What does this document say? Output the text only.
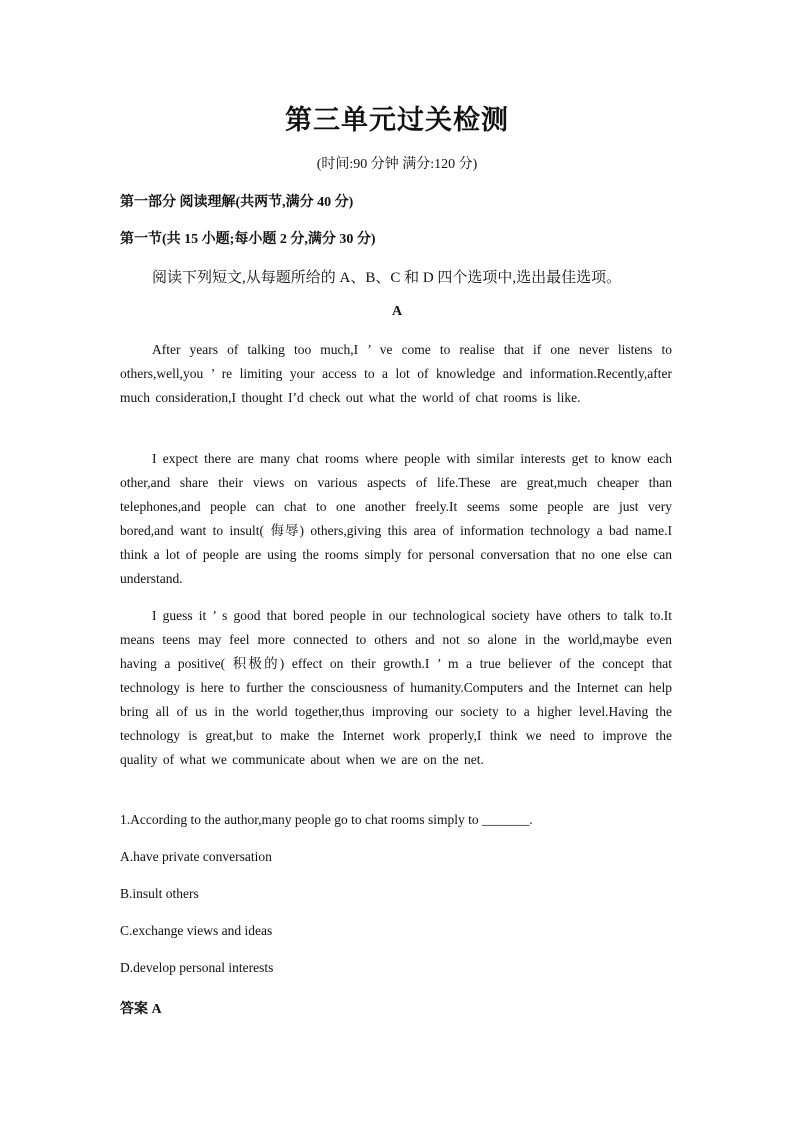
第三单元过关检测
(时间:90 分钟 满分:120 分)
第一部分 阅读理解(共两节,满分 40 分)
第一节(共 15 小题;每小题 2 分,满分 30 分)
阅读下列短文,从每题所给的 A、B、C 和 D 四个选项中,选出最佳选项。
A
After years of talking too much,I ’ ve come to realise that if one never listens to others,well,you ’ re limiting your access to a lot of knowledge and information.Recently,after much consideration,I thought I’d check out what the world of chat rooms is like.
I expect there are many chat rooms where people with similar interests get to know each other,and share their views on various aspects of life.These are great,much cheaper than telephones,and people can chat to one another freely.It seems some people are just very bored,and want to insult( 侮辱) others,giving this area of information technology a bad name.I think a lot of people are using the rooms simply for personal conversation that no one else can understand.
I guess it ’ s good that bored people in our technological society have others to talk to.It means teens may feel more connected to others and not so alone in the world,maybe even having a positive( 积极的) effect on their growth.I ’ m a true believer of the concept that technology is here to further the consciousness of humanity.Computers and the Internet can help bring all of us in the world together,thus improving our society to a higher level.Having the technology is great,but to make the Internet work properly,I think we need to improve the quality of what we communicate about when we are on the net.
1.According to the author,many people go to chat rooms simply to _______.
A.have private conversation
B.insult others
C.exchange views and ideas
D.develop personal interests
答案 A
